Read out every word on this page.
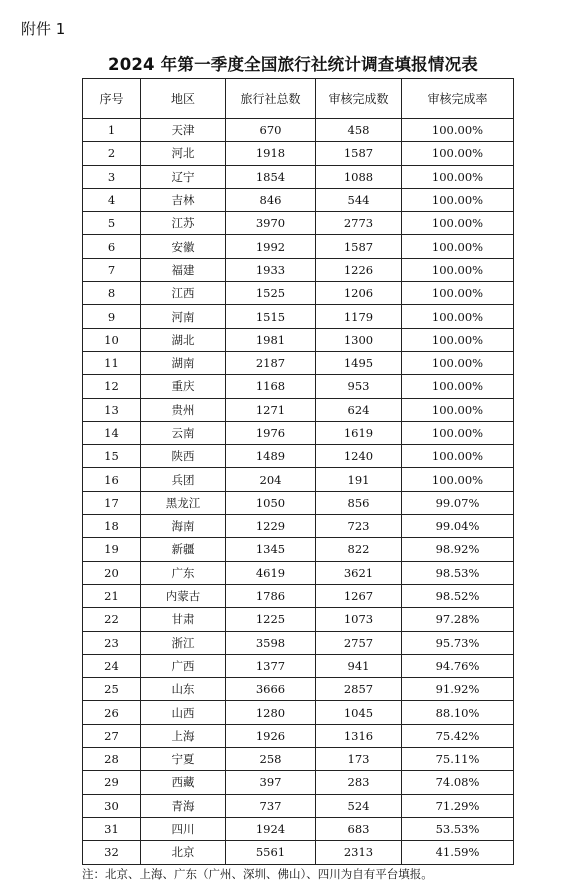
附件 1
2024 年第一季度全国旅行社统计调查填报情况表
序号	地区	旅行社总数	审核完成数	审核完成率
1	天津	670	458	100.00%
2	河北	1918	1587	100.00%
3	辽宁	1854	1088	100.00%
4	吉林	846	544	100.00%
5	江苏	3970	2773	100.00%
6	安徽	1992	1587	100.00%
7	福建	1933	1226	100.00%
8	江西	1525	1206	100.00%
9	河南	1515	1179	100.00%
10	湖北	1981	1300	100.00%
11	湖南	2187	1495	100.00%
12	重庆	1168	953	100.00%
13	贵州	1271	624	100.00%
14	云南	1976	1619	100.00%
15	陕西	1489	1240	100.00%
16	兵团	204	191	100.00%
17	黑龙江	1050	856	99.07%
18	海南	1229	723	99.04%
19	新疆	1345	822	98.92%
20	广东	4619	3621	98.53%
21	内蒙古	1786	1267	98.52%
22	甘肃	1225	1073	97.28%
23	浙江	3598	2757	95.73%
24	广西	1377	941	94.76%
25	山东	3666	2857	91.92%
26	山西	1280	1045	88.10%
27	上海	1926	1316	75.42%
28	宁夏	258	173	75.11%
29	西藏	397	283	74.08%
30	青海	737	524	71.29%
31	四川	1924	683	53.53%
32	北京	5561	2313	41.59%
注：北京、上海、广东（广州、深圳、佛山）、四川为自有平台填报。
